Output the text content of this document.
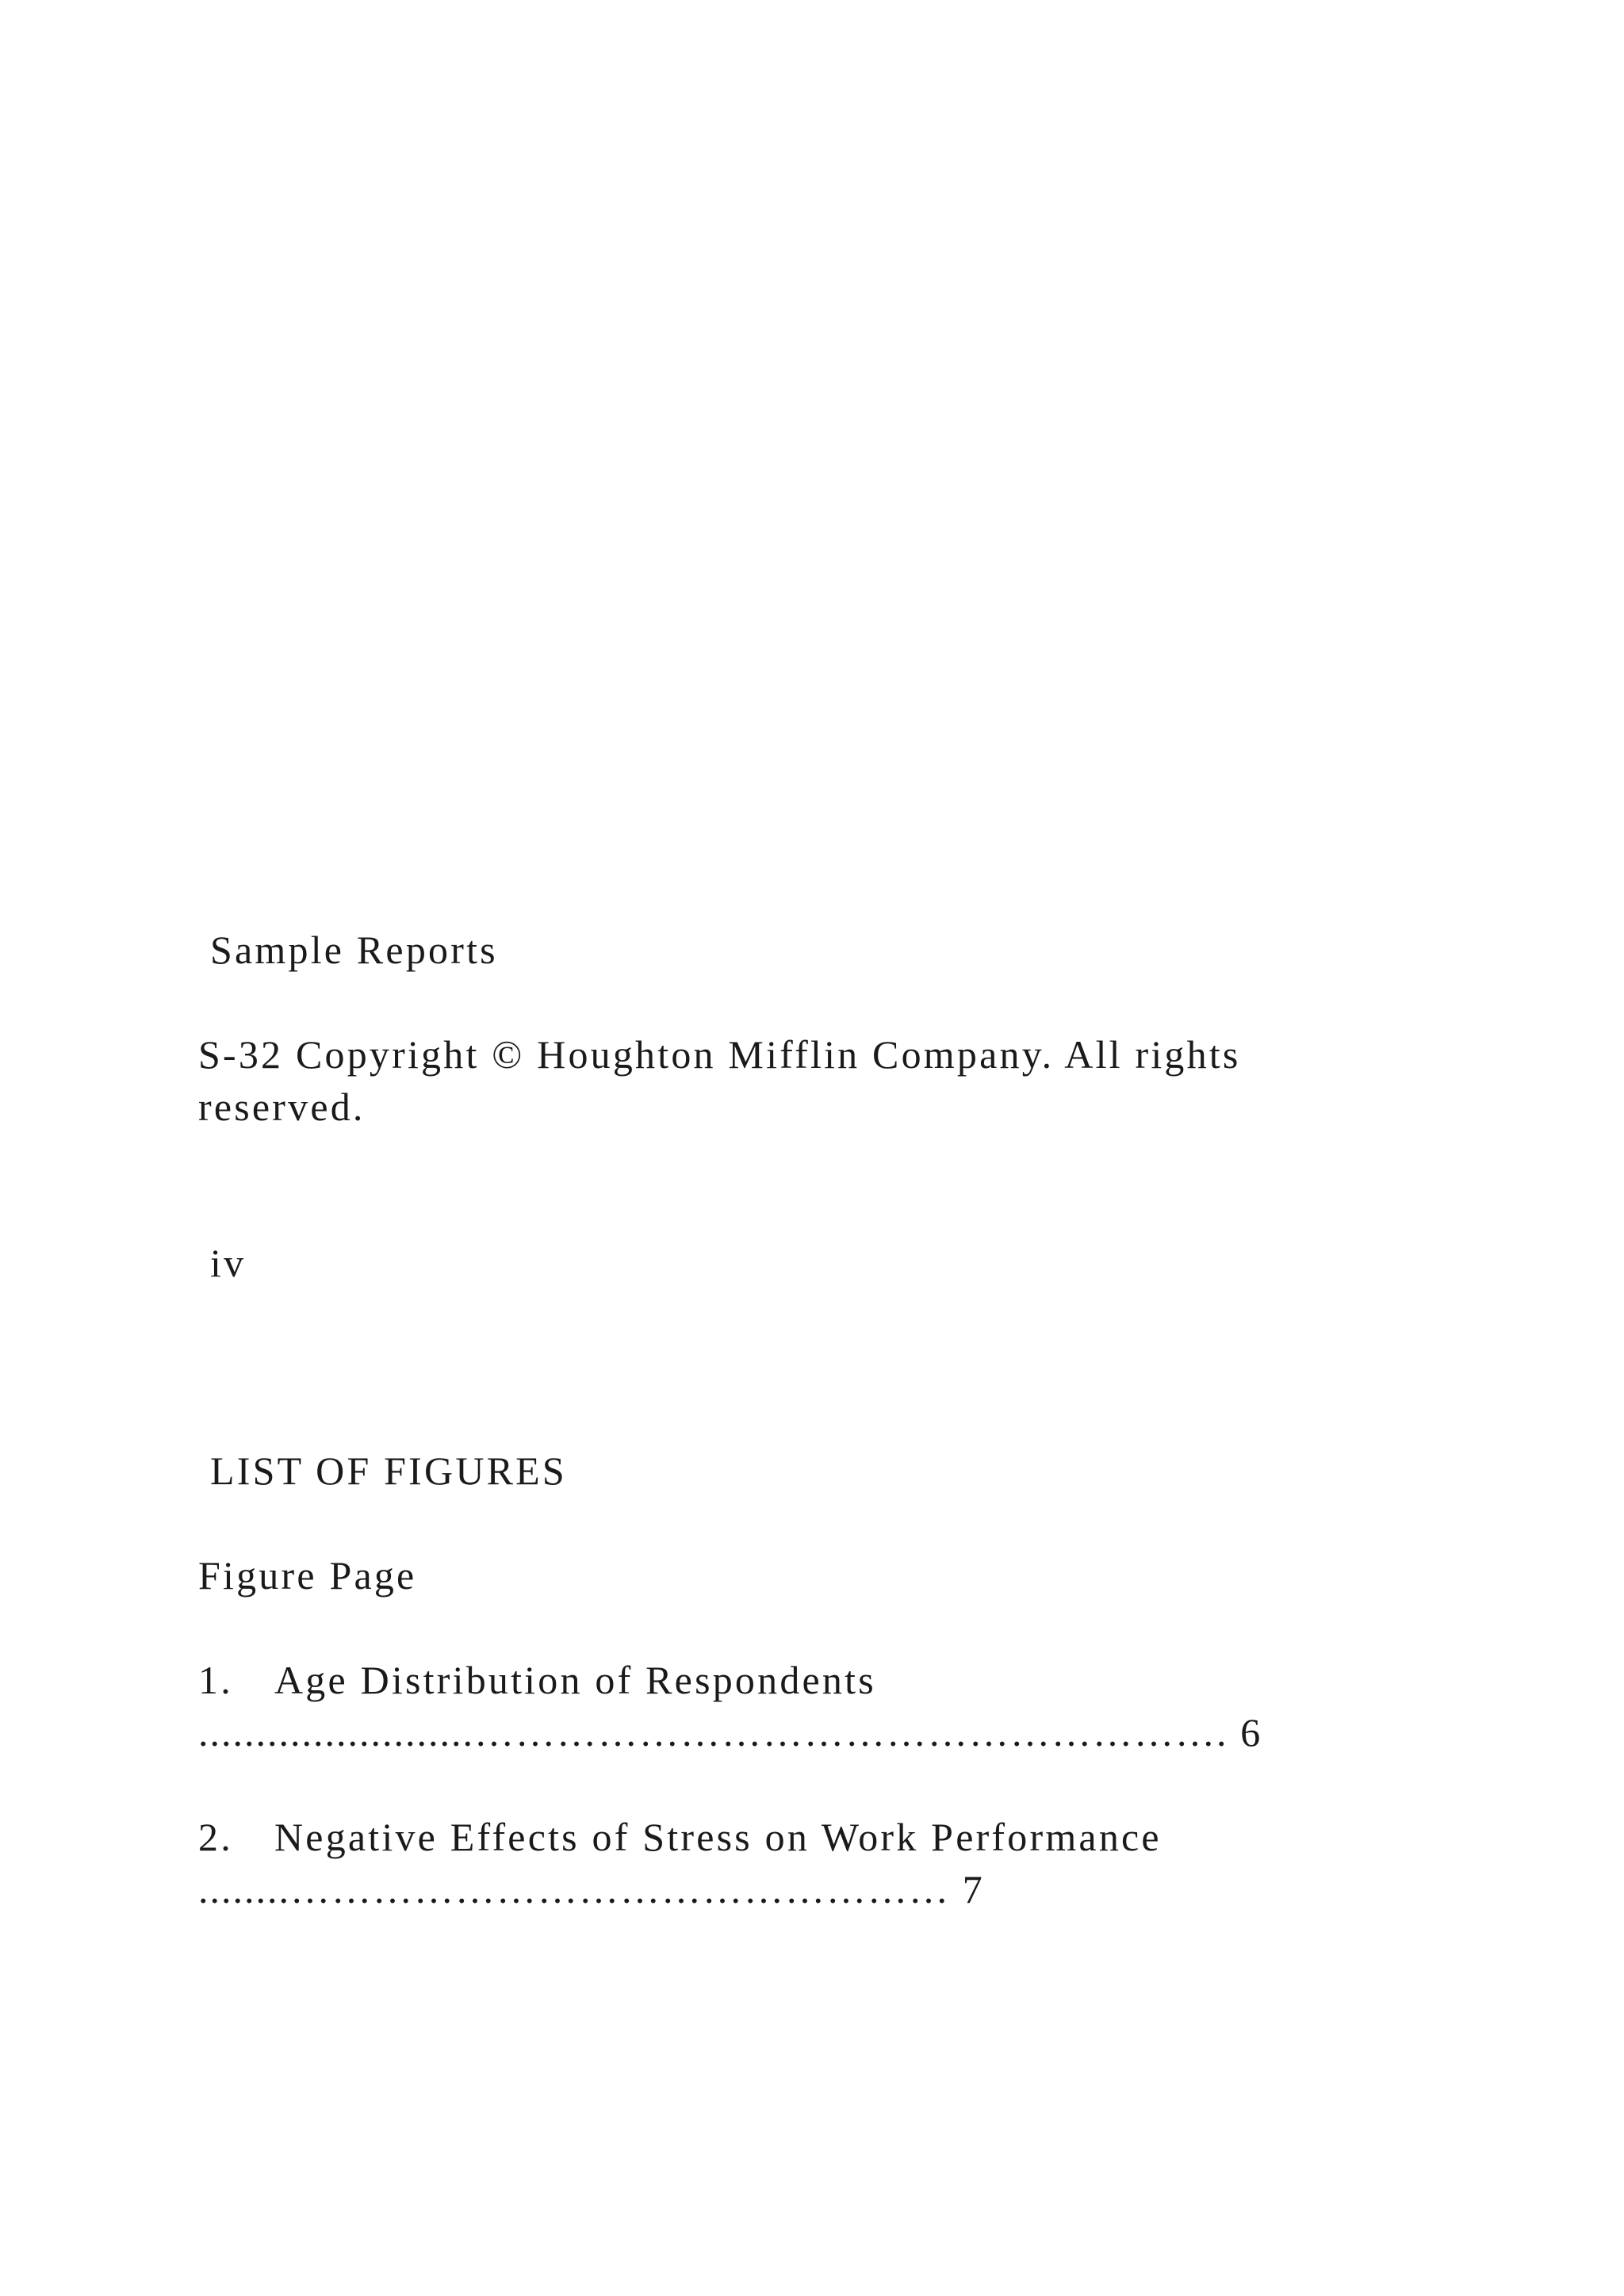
Sample Reports

S-32 Copyright © Houghton Mifflin Company. All rights

reserved.

iv

LIST OF FIGURES

Figure Page

1. Age Distribution of Respondents

........................………………………………………………. 6

2. Negative Effects of Stress on Work Performance

........………………………………………… 7
